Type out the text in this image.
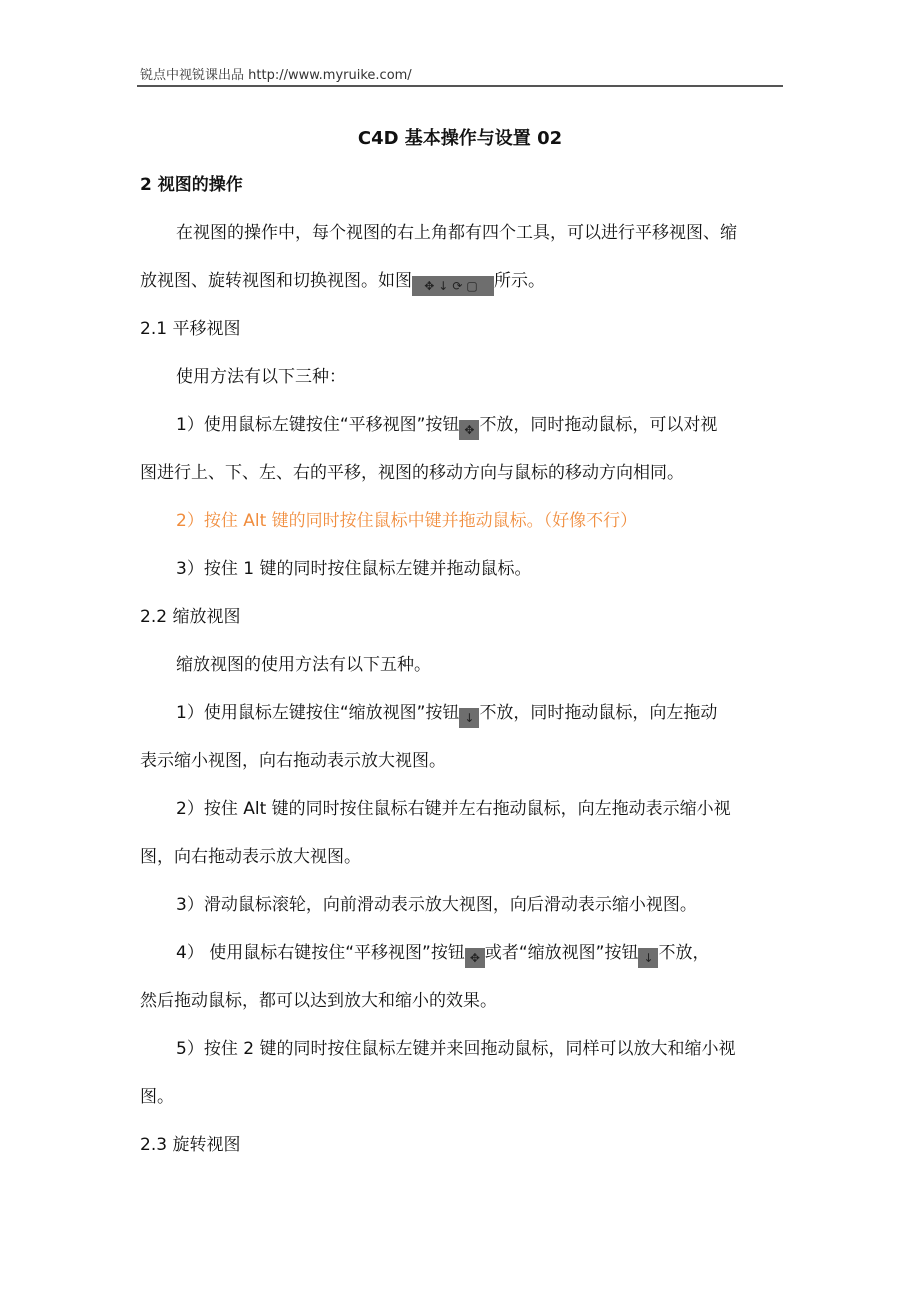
锐点中视锐课出品 http://www.myruike.com/
C4D 基本操作与设置 02
2 视图的操作
在视图的操作中，每个视图的右上角都有四个工具，可以进行平移视图、缩
放视图、旋转视图和切换视图。如图 ✥↓⟳▢ 所示。
2.1 平移视图
使用方法有以下三种：
1）使用鼠标左键按住“平移视图”按钮 ✥ 不放，同时拖动鼠标，可以对视
图进行上、下、左、右的平移，视图的移动方向与鼠标的移动方向相同。
2）按住 Alt 键的同时按住鼠标中键并拖动鼠标。（好像不行）
3）按住 1 键的同时按住鼠标左键并拖动鼠标。
2.2 缩放视图
缩放视图的使用方法有以下五种。
1）使用鼠标左键按住“缩放视图”按钮 ↓ 不放，同时拖动鼠标，向左拖动
表示缩小视图，向右拖动表示放大视图。
2）按住 Alt 键的同时按住鼠标右键并左右拖动鼠标，向左拖动表示缩小视
图，向右拖动表示放大视图。
3）滑动鼠标滚轮，向前滑动表示放大视图，向后滑动表示缩小视图。
4） 使用鼠标右键按住“平移视图”按钮 ✥ 或者“缩放视图”按钮 ↓ 不放，
然后拖动鼠标，都可以达到放大和缩小的效果。
5）按住 2 键的同时按住鼠标左键并来回拖动鼠标，同样可以放大和缩小视
图。
2.3 旋转视图
